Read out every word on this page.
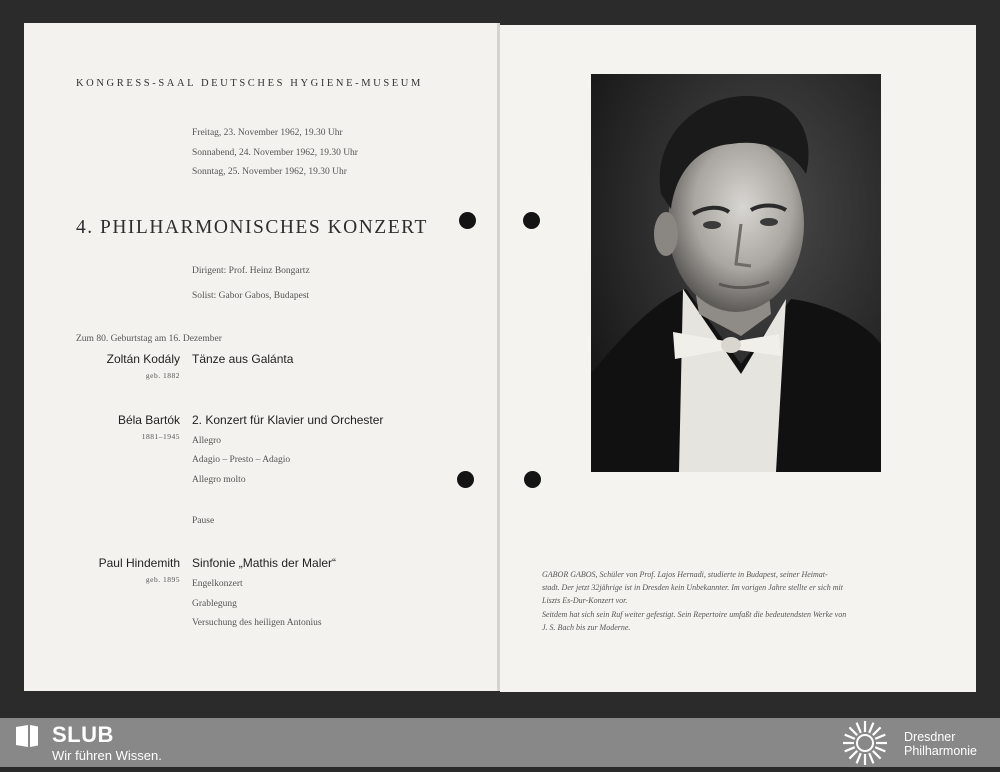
KONGRESS-SAAL DEUTSCHES HYGIENE-MUSEUM
Freitag, 23. November 1962, 19.30 Uhr
Sonnabend, 24. November 1962, 19.30 Uhr
Sonntag, 25. November 1962, 19.30 Uhr
4. PHILHARMONISCHES KONZERT
Dirigent: Prof. Heinz Bongartz
Solist: Gabor Gabos, Budapest
Zum 80. Geburtstag am 16. Dezember
Zoltán Kodály
geb. 1882
Tänze aus Galánta
Béla Bartók
1881–1945
2. Konzert für Klavier und Orchester
Allegro
Adagio – Presto – Adagio
Allegro molto
Pause
Paul Hindemith
geb. 1895
Sinfonie „Mathis der Maler“
Engelkonzert
Grablegung
Versuchung des heiligen Antonius
GABOR GABOS, Schüler von Prof. Lajos Hernadi, studierte in Budapest, seiner Heimat-
stadt. Der jetzt 32jährige ist in Dresden kein Unbekannter. Im vorigen Jahre stellte er sich mit
Liszts Es-Dur-Konzert vor.
Seitdem hat sich sein Ruf weiter gefestigt. Sein Repertoire umfaßt die bedeutendsten Werke von
J. S. Bach bis zur Moderne.
SLUB
Wir führen Wissen.
Dresdner
Philharmonie
